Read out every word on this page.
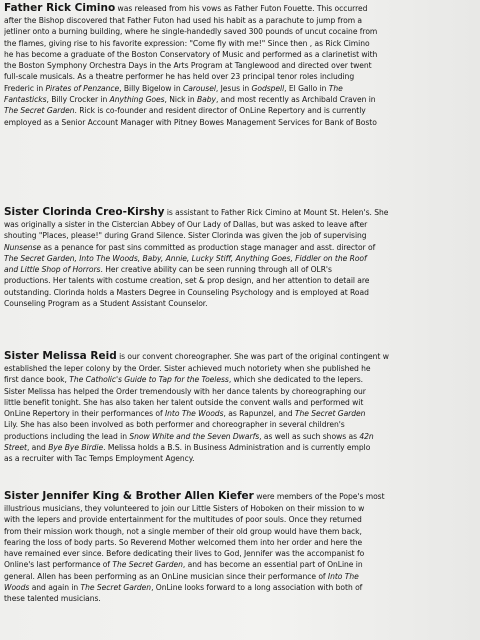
Father Rick Cimino was released from his vows as Father Futon Fouette. This occurred
after the Bishop discovered that Father Futon had used his habit as a parachute to jump from a
jetliner onto a burning building, where he single-handedly saved 300 pounds of uncut cocaine from
the flames, giving rise to his favorite expression: "Come fly with me!" Since then , as Rick Cimino
he has become a graduate of the Boston Conservatory of Music and performed as a clarinetist with
the Boston Symphony Orchestra Days in the Arts Program at Tanglewood and directed over twent
full-scale musicals. As a theatre performer he has held over 23 principal tenor roles including
Frederic in Pirates of Penzance, Billy Bigelow in Carousel, Jesus in Godspell, El Gallo in The
Fantasticks, Billy Crocker in Anything Goes, Nick in Baby, and most recently as Archibald Craven in
The Secret Garden. Rick is co-founder and resident director of OnLine Repertory and is currently
employed as a Senior Account Manager with Pitney Bowes Management Services for Bank of Bosto
Sister Clorinda Creo-Kirshy is assistant to Father Rick Cimino at Mount St. Helen's. She
was originally a sister in the Cistercian Abbey of Our Lady of Dallas, but was asked to leave after
shouting "Places, please!" during Grand Silence. Sister Clorinda was given the job of supervising
Nunsense as a penance for past sins committed as production stage manager and asst. director of
The Secret Garden, Into The Woods, Baby, Annie, Lucky Stiff, Anything Goes, Fiddler on the Roof
and Little Shop of Horrors. Her creative ability can be seen running through all of OLR's
productions. Her talents with costume creation, set & prop design, and her attention to detail are
outstanding. Clorinda holds a Masters Degree in Counseling Psychology and is employed at Road
Counseling Program as a Student Assistant Counselor.
Sister Melissa Reid is our convent choreographer. She was part of the original contingent w
established the leper colony by the Order. Sister achieved much notoriety when she published he
first dance book, The Catholic's Guide to Tap for the Toeless, which she dedicated to the lepers.
Sister Melissa has helped the Order tremendously with her dance talents by choreographing our
little benefit tonight. She has also taken her talent outside the convent walls and performed wit
OnLine Repertory in their performances of Into The Woods, as Rapunzel, and The Secret Garden
Lily. She has also been involved as both performer and choreographer in several children's
productions including the lead in Snow White and the Seven Dwarfs, as well as such shows as 42n
Street, and Bye Bye Birdie. Melissa holds a B.S. in Business Administration and is currently emplo
as a recruiter with Tac Temps Employment Agency.
Sister Jennifer King & Brother Allen Kiefer were members of the Pope's most
illustrious musicians, they volunteered to join our Little Sisters of Hoboken on their mission to w
with the lepers and provide entertainment for the multitudes of poor souls. Once they returned
from their mission work though, not a single member of their old group would have them back,
fearing the loss of body parts. So Reverend Mother welcomed them into her order and here the
have remained ever since. Before dedicating their lives to God, Jennifer was the accompanist fo
Online's last performance of The Secret Garden, and has become an essential part of OnLine in
general. Allen has been performing as an OnLine musician since their performance of Into The
Woods and again in The Secret Garden, OnLine looks forward to a long association with both of
these talented musicians.
